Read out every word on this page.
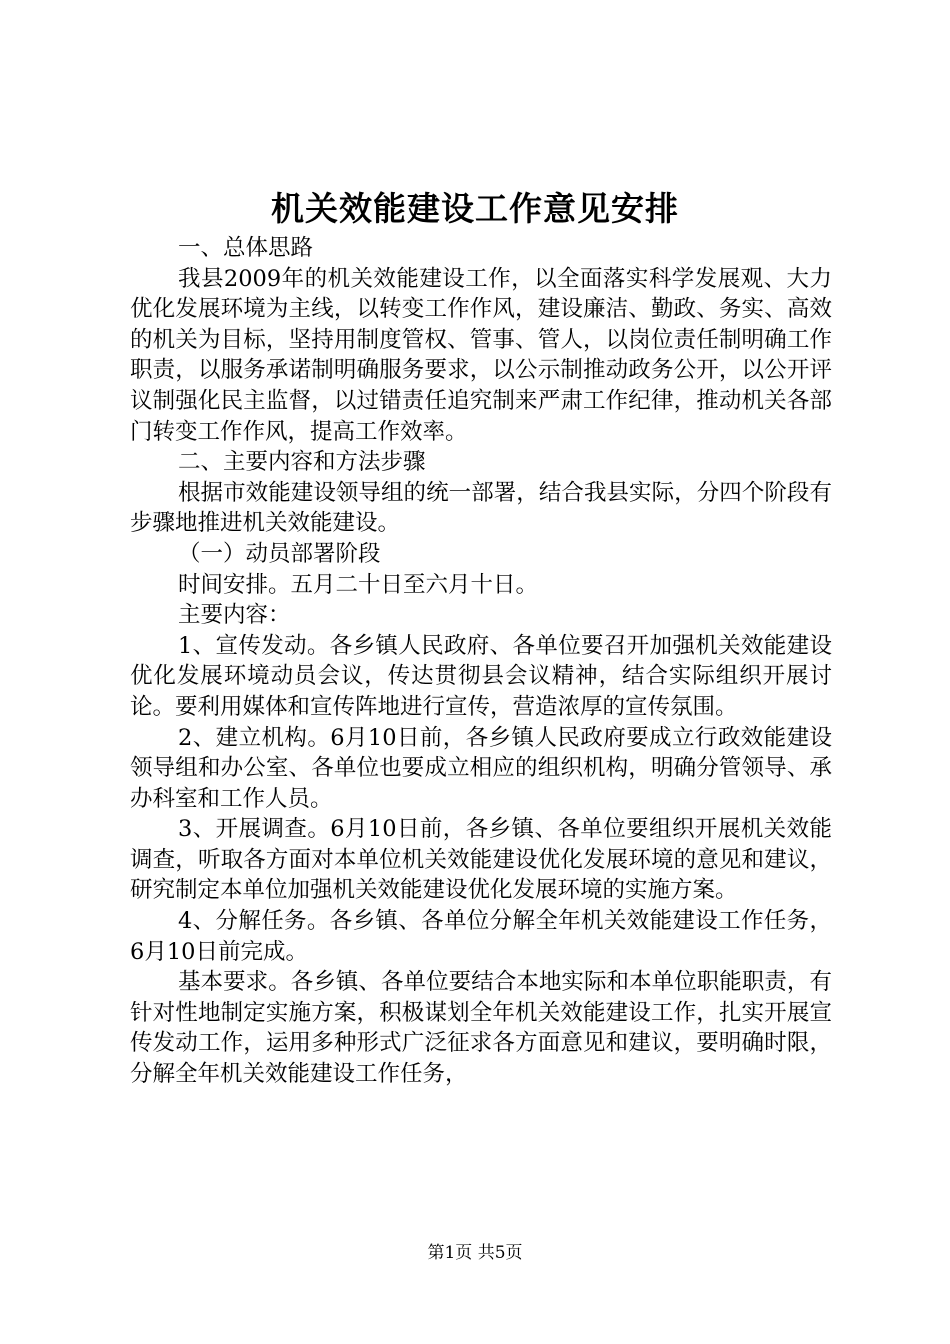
机关效能建设工作意见安排

一、总体思路

我县2009年的机关效能建设工作，以全面落实科学发展观、大力优化发展环境为主线，以转变工作作风，建设廉洁、勤政、务实、高效的机关为目标，坚持用制度管权、管事、管人，以岗位责任制明确工作职责，以服务承诺制明确服务要求，以公示制推动政务公开，以公开评议制强化民主监督，以过错责任追究制来严肃工作纪律，推动机关各部门转变工作作风，提高工作效率。

二、主要内容和方法步骤

根据市效能建设领导组的统一部署，结合我县实际，分四个阶段有步骤地推进机关效能建设。

（一）动员部署阶段

时间安排。五月二十日至六月十日。

主要内容：

1、宣传发动。各乡镇人民政府、各单位要召开加强机关效能建设优化发展环境动员会议，传达贯彻县会议精神，结合实际组织开展讨论。要利用媒体和宣传阵地进行宣传，营造浓厚的宣传氛围。

2、建立机构。6月10日前，各乡镇人民政府要成立行政效能建设领导组和办公室、各单位也要成立相应的组织机构，明确分管领导、承办科室和工作人员。

3、开展调查。6月10日前，各乡镇、各单位要组织开展机关效能调查，听取各方面对本单位机关效能建设优化发展环境的意见和建议，研究制定本单位加强机关效能建设优化发展环境的实施方案。

4、分解任务。各乡镇、各单位分解全年机关效能建设工作任务，6月10日前完成。

基本要求。各乡镇、各单位要结合本地实际和本单位职能职责，有针对性地制定实施方案，积极谋划全年机关效能建设工作，扎实开展宣传发动工作，运用多种形式广泛征求各方面意见和建议，要明确时限，分解全年机关效能建设工作任务，

第1页 共5页
